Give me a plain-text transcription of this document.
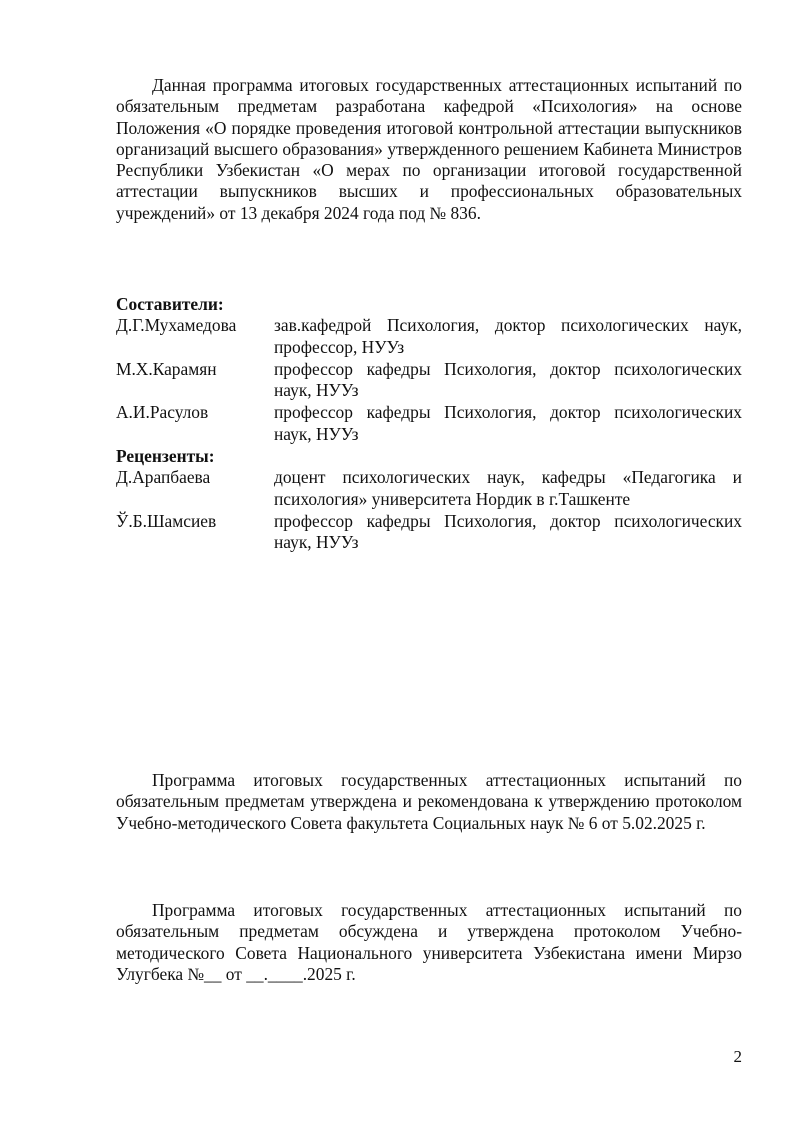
Данная программа итоговых государственных аттестационных испытаний по обязательным предметам разработана кафедрой «Психология» на основе Положения «О порядке проведения итоговой контрольной аттестации выпускников организаций высшего образования» утвержденного решением Кабинета Министров Республики Узбекистан «О мерах по организации итоговой государственной аттестации выпускников высших и профессиональных образовательных учреждений» от 13 декабря 2024 года под № 836.

Составители:

Д.Г.Мухамедова	зав.кафедрой Психология, доктор психологических наук, профессор, НУУз
М.Х.Карамян	профессор кафедры Психология, доктор психологических наук, НУУз
А.И.Расулов	профессор кафедры Психология, доктор психологических наук, НУУз

Рецензенты:

Д.Арапбаева	доцент психологических наук, кафедры «Педагогика и психология» университета Нордик в г.Ташкенте
Ў.Б.Шамсиев	профессор кафедры Психология, доктор психологических наук, НУУз

Программа итоговых государственных аттестационных испытаний по обязательным предметам утверждена и рекомендована к утверждению протоколом Учебно-методического Совета факультета Социальных наук № 6 от 5.02.2025 г.

Программа итоговых государственных аттестационных испытаний по обязательным предметам обсуждена и утверждена протоколом Учебно-методического Совета Национального университета Узбекистана имени Мирзо Улугбека №__ от __.____.2025 г.

2
